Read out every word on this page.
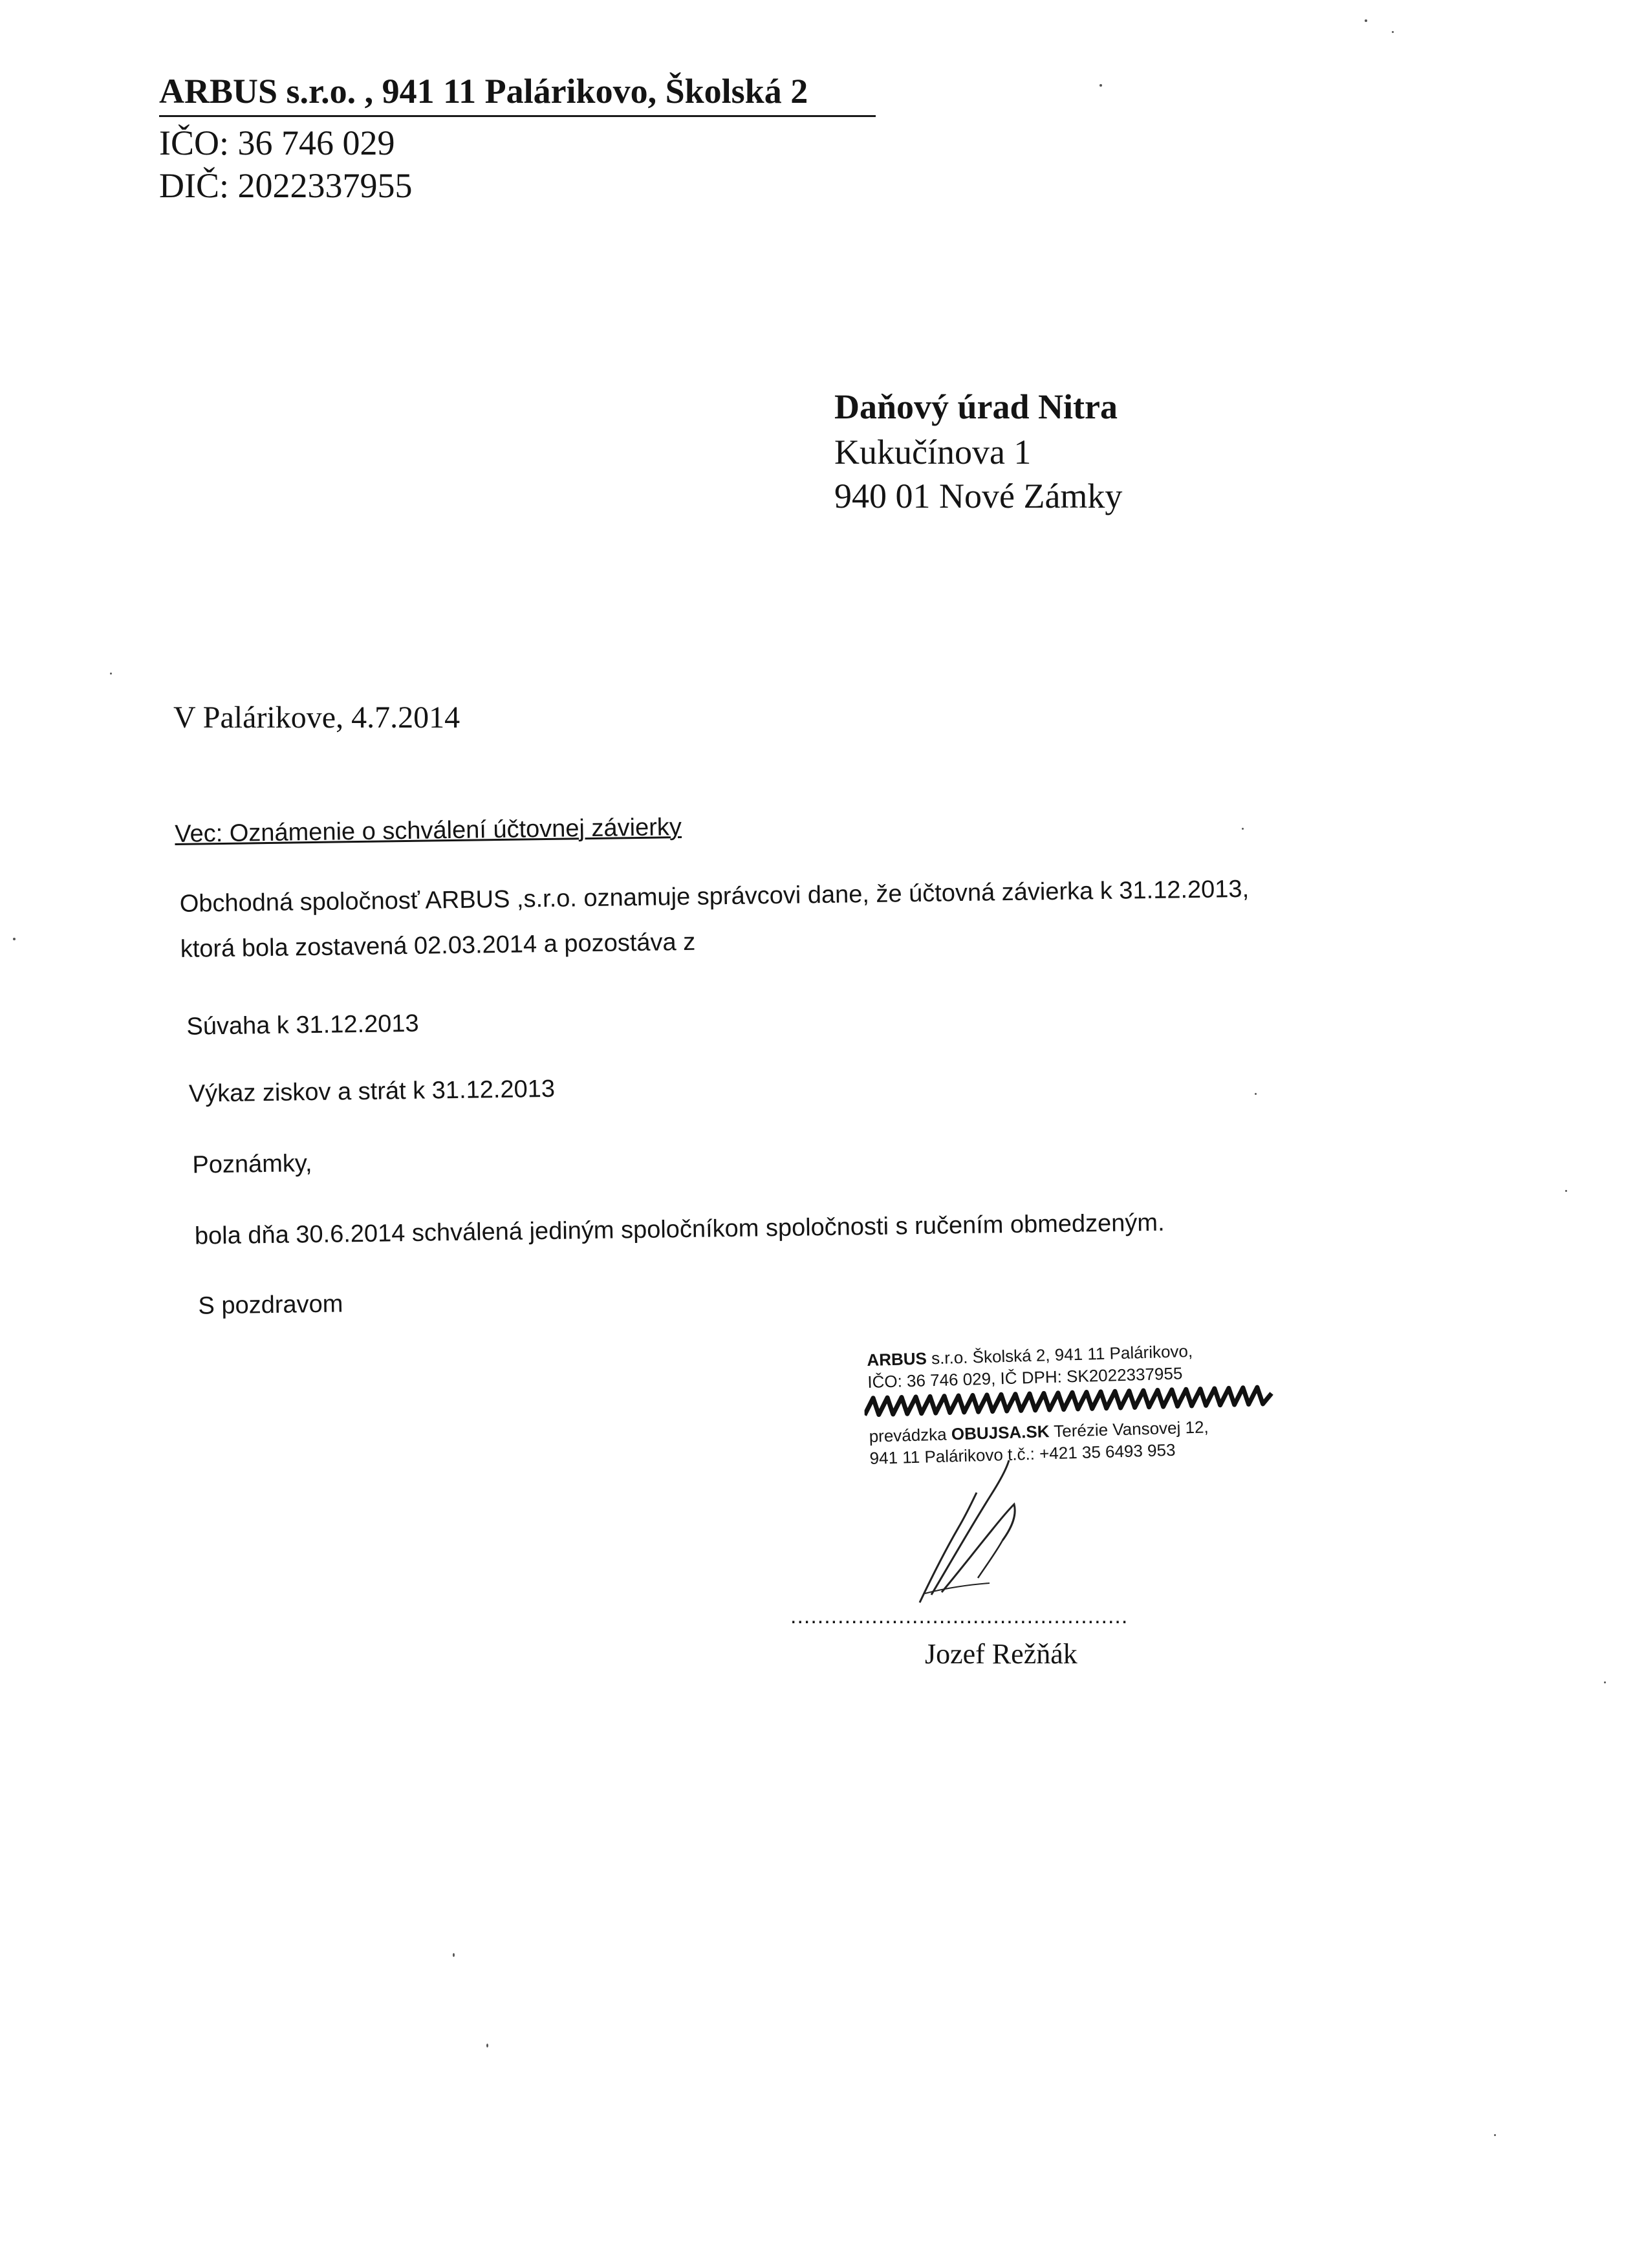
ARBUS s.r.o. , 941 11 Palárikovo, Školská 2
IČO: 36 746 029
DIČ: 2022337955
Daňový úrad Nitra
Kukučínova 1
940 01 Nové Zámky
V Palárikove, 4.7.2014
Vec: Oznámenie o schválení účtovnej závierky
Obchodná spoločnosť ARBUS ,s.r.o. oznamuje správcovi dane, že účtovná závierka k 31.12.2013,
ktorá bola zostavená 02.03.2014 a pozostáva z
Súvaha k 31.12.2013
Výkaz ziskov a strát k 31.12.2013
Poznámky,
bola dňa 30.6.2014 schválená jediným spoločníkom spoločnosti s ručením obmedzeným.
S pozdravom
ARBUS s.r.o. Školská 2, 941 11 Palárikovo,
IČO: 36 746 029, IČ DPH: SK2022337955
prevádzka OBUJSA.SK Terézie Vansovej 12,
941 11 Palárikovo t.č.: +421 35 6493 953
..................................................
Jozef Režňák
